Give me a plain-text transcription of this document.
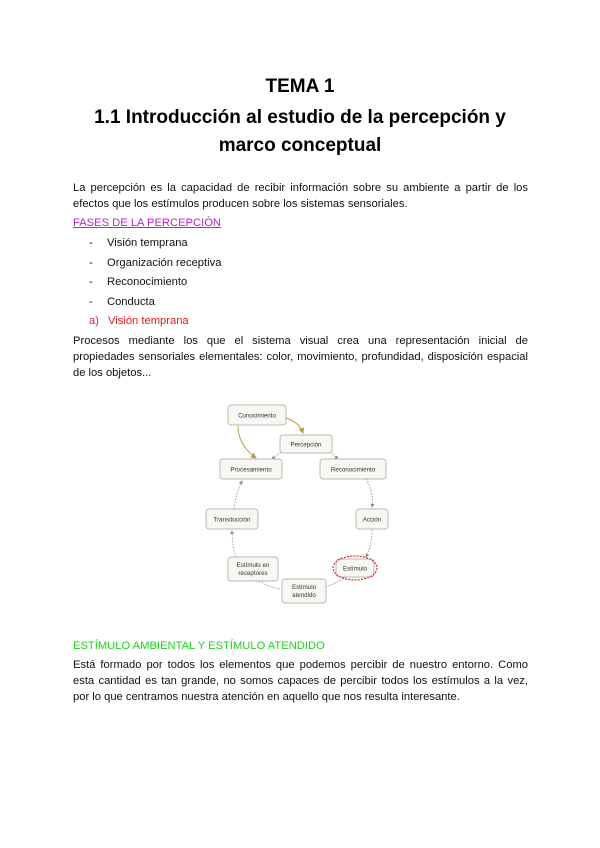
TEMA 1
1.1 Introducción al estudio de la percepción y
marco conceptual

La percepción es la capacidad de recibir información sobre su ambiente a partir de los efectos que los estímulos producen sobre los sistemas sensoriales.

FASES DE LA PERCEPCIÓN

-	Visión temprana
-	Organización receptiva
-	Reconocimiento
-	Conducta

a) Visión temprana

Procesos mediante los que el sistema visual crea una representación inicial de propiedades sensoriales elementales: color, movimiento, profundidad, disposición espacial de los objetos...

Conocimiento
Percepción
Procesamiento	Reconocimiento
Transducción	Acción
Estímulo en
receptores
Estímulo
Estímulo
atendido

ESTÍMULO AMBIENTAL Y ESTÍMULO ATENDIDO

Está formado por todos los elementos que podemos percibir de nuestro entorno. Como esta cantidad es tan grande, no somos capaces de percibir todos los estímulos a la vez, por lo que centramos nuestra atención en aquello que nos resulta interesante.
